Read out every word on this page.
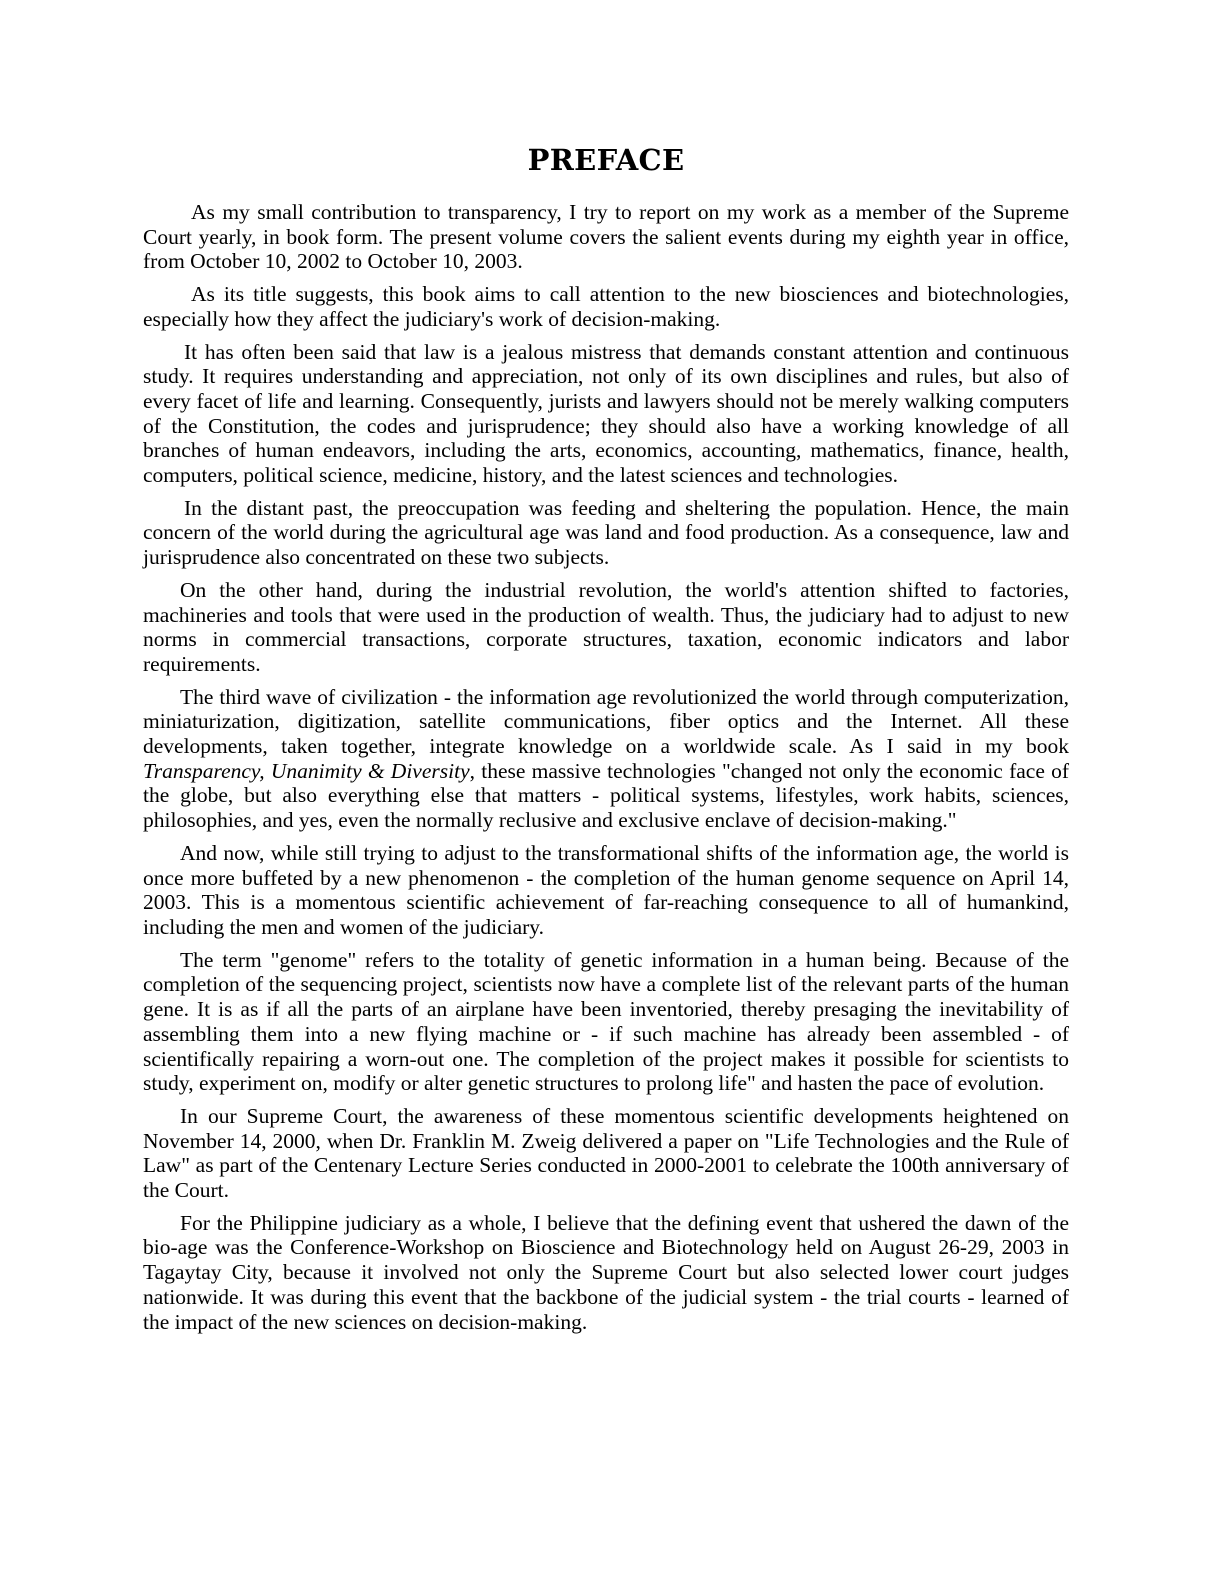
PREFACE

As my small contribution to transparency, I try to report on my work as a member of the Supreme Court yearly, in book form. The present volume covers the salient events during my eighth year in office, from October 10, 2002 to October 10, 2003.

As its title suggests, this book aims to call attention to the new biosciences and biotechnologies, especially how they affect the judiciary's work of decision-making.

It has often been said that law is a jealous mistress that demands constant attention and continuous study. It requires understanding and appreciation, not only of its own disciplines and rules, but also of every facet of life and learning. Consequently, jurists and lawyers should not be merely walking computers of the Constitution, the codes and jurisprudence; they should also have a working knowledge of all branches of human endeavors, including the arts, economics, accounting, mathematics, finance, health, computers, political science, medicine, history, and the latest sciences and technologies.

In the distant past, the preoccupation was feeding and sheltering the population. Hence, the main concern of the world during the agricultural age was land and food production. As a consequence, law and jurisprudence also concentrated on these two subjects.

On the other hand, during the industrial revolution, the world's attention shifted to factories, machineries and tools that were used in the production of wealth. Thus, the judiciary had to adjust to new norms in commercial transactions, corporate structures, taxation, economic indicators and labor requirements.

The third wave of civilization - the information age revolutionized the world through computerization, miniaturization, digitization, satellite communications, fiber optics and the Internet. All these developments, taken together, integrate knowledge on a worldwide scale. As I said in my book Transparency, Unanimity & Diversity, these massive technologies "changed not only the economic face of the globe, but also everything else that matters - political systems, lifestyles, work habits, sciences, philosophies, and yes, even the normally reclusive and exclusive enclave of decision-making."

And now, while still trying to adjust to the transformational shifts of the information age, the world is once more buffeted by a new phenomenon - the completion of the human genome sequence on April 14, 2003. This is a momentous scientific achievement of far-reaching consequence to all of humankind, including the men and women of the judiciary.

The term "genome" refers to the totality of genetic information in a human being. Because of the completion of the sequencing project, scientists now have a complete list of the relevant parts of the human gene. It is as if all the parts of an airplane have been inventoried, thereby presaging the inevitability of assembling them into a new flying machine or - if such machine has already been assembled - of scientifically repairing a worn-out one. The completion of the project makes it possible for scientists to study, experiment on, modify or alter genetic structures to prolong life" and hasten the pace of evolution.

In our Supreme Court, the awareness of these momentous scientific developments heightened on November 14, 2000, when Dr. Franklin M. Zweig delivered a paper on "Life Technologies and the Rule of Law" as part of the Centenary Lecture Series conducted in 2000-2001 to celebrate the 100th anniversary of the Court.

For the Philippine judiciary as a whole, I believe that the defining event that ushered the dawn of the bio-age was the Conference-Workshop on Bioscience and Biotechnology held on August 26-29, 2003 in Tagaytay City, because it involved not only the Supreme Court but also selected lower court judges nationwide. It was during this event that the backbone of the judicial system - the trial courts - learned of the impact of the new sciences on decision-making.
